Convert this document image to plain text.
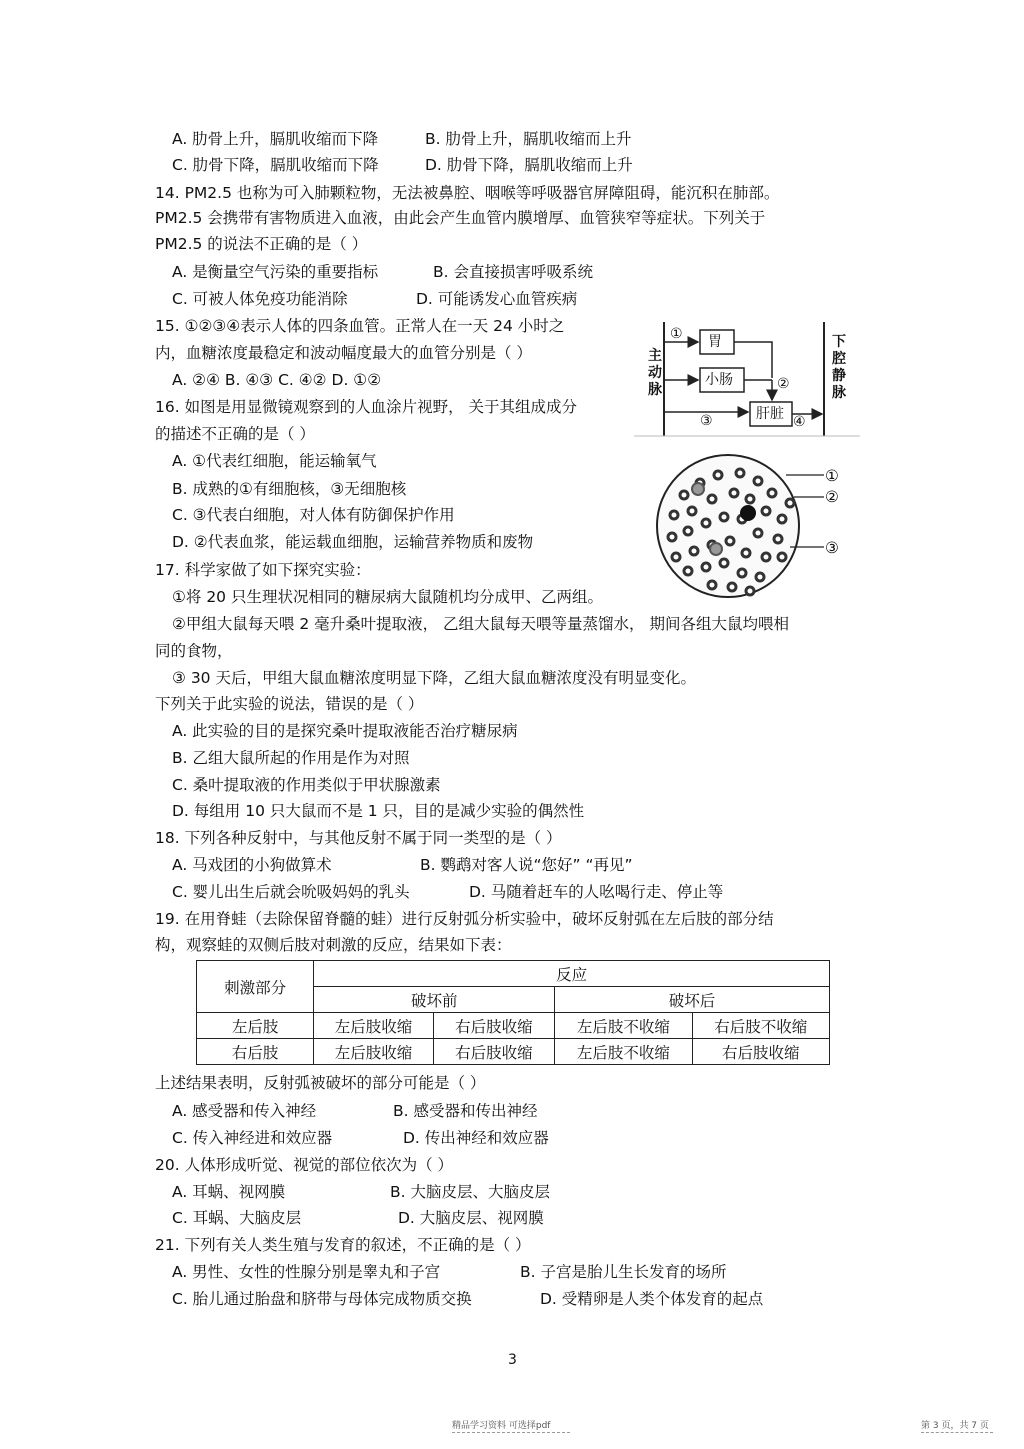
A. 肋骨上升，膈肌收缩而下降	B. 肋骨上升，膈肌收缩而上升
C. 肋骨下降，膈肌收缩而下降	D. 肋骨下降，膈肌收缩而上升
14. PM2.5 也称为可入肺颗粒物，无法被鼻腔、咽喉等呼吸器官屏障阻碍，能沉积在肺部。
PM2.5 会携带有害物质进入血液，由此会产生血管内膜增厚、血管狭窄等症状。下列关于
PM2.5 的说法不正确的是（ ）
A. 是衡量空气污染的重要指标	B. 会直接损害呼吸系统
C. 可被人体免疫功能消除	D. 可能诱发心血管疾病
15. ①②③④表示人体的四条血管。正常人在一天 24 小时之
内，血糖浓度最稳定和波动幅度最大的血管分别是（ ）
A. ②④ B. ④③ C. ④② D. ①②
主
动
脉
下
腔
静
脉
胃
小肠
肝脏
①
②
③	④
16. 如图是用显微镜观察到的人血涂片视野， 关于其组成成分
的描述不正确的是（ ）
A. ①代表红细胞，能运输氧气
B. 成熟的①有细胞核，③无细胞核
C. ③代表白细胞，对人体有防御保护作用
D. ②代表血浆，能运载血细胞，运输营养物质和废物
①
②
③
17. 科学家做了如下探究实验：
①将 20 只生理状况相同的糖尿病大鼠随机均分成甲、乙两组。
②甲组大鼠每天喂 2 毫升桑叶提取液， 乙组大鼠每天喂等量蒸馏水， 期间各组大鼠均喂相
同的食物，
③ 30 天后，甲组大鼠血糖浓度明显下降，乙组大鼠血糖浓度没有明显变化。
下列关于此实验的说法，错误的是（ ）
A. 此实验的目的是探究桑叶提取液能否治疗糖尿病
B. 乙组大鼠所起的作用是作为对照
C. 桑叶提取液的作用类似于甲状腺激素
D. 每组用 10 只大鼠而不是 1 只，目的是减少实验的偶然性
18. 下列各种反射中，与其他反射不属于同一类型的是（ ）
A. 马戏团的小狗做算术	B. 鹦鹉对客人说“您好” “再见”
C. 婴儿出生后就会吮吸妈妈的乳头	D. 马随着赶车的人吆喝行走、停止等
19. 在用脊蛙（去除保留脊髓的蛙）进行反射弧分析实验中，破坏反射弧在左后肢的部分结
构，观察蛙的双侧后肢对刺激的反应，结果如下表：
刺激部分	反应			
	破坏前		破坏后	
左后肢	左后肢收缩	右后肢收缩	左后肢不收缩	右后肢不收缩
右后肢	左后肢收缩	右后肢收缩	左后肢不收缩	右后肢收缩
上述结果表明，反射弧被破坏的部分可能是（ ）
A. 感受器和传入神经	B. 感受器和传出神经
C. 传入神经进和效应器	D. 传出神经和效应器
20. 人体形成听觉、视觉的部位依次为（ ）
A. 耳蜗、视网膜	B. 大脑皮层、大脑皮层
C. 耳蜗、大脑皮层	D. 大脑皮层、视网膜
21. 下列有关人类生殖与发育的叙述，不正确的是（ ）
A. 男性、女性的性腺分别是睾丸和子宫	B. 子宫是胎儿生长发育的场所
C. 胎儿通过胎盘和脐带与母体完成物质交换	D. 受精卵是人类个体发育的起点
3
精品学习资料 可选择pdf	第 3 页，共 7 页
